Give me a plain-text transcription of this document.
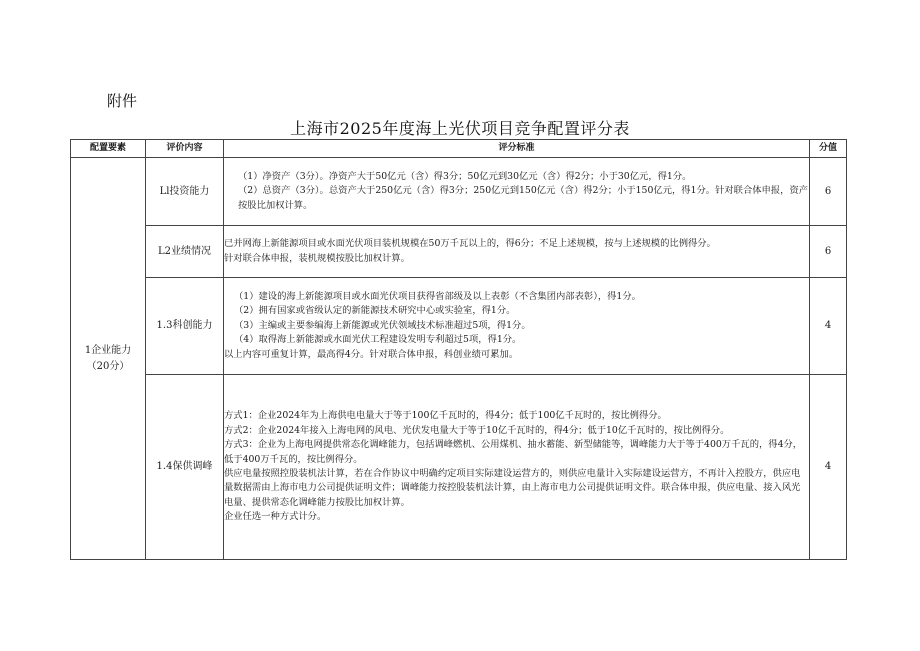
附件
上海市2025年度海上光伏项目竞争配置评分表
配置要素	评价内容	评分标准	分值

1企业能力
（20分）	Ll投资能力	（1）净资产（3分）。净资产大于50亿元（含）得3分；50亿元到30亿元（含）得2分；小于30亿元，得1分。
（2）总资产（3分）。总资产大于250亿元（含）得3分；250亿元到150亿元（含）得2分；小于150亿元，得1分。针对联合体申报，资产按股比加权计算。	6
	L2业绩情况	已并网海上新能源项目或水面光伏项目装机规模在50万千瓦以上的，得6分；不足上述规模，按与上述规模的比例得分。
针对联合体申报，装机规模按股比加权计算。	6
	1.3科创能力	（1）建设的海上新能源项目或水面光伏项目获得省部级及以上表彰（不含集团内部表彰），得1分。
（2）拥有国家或省级认定的新能源技术研究中心或实验室，得1分。
（3）主编或主要参编海上新能源或光伏领域技术标准超过5项，得1分。
（4）取得海上新能源或水面光伏工程建设发明专利超过5项，得1分。
以上内容可重复计算，最高得4分。针对联合体申报，科创业绩可累加。	4
	1.4保供调峰	方式1：企业2024年为上海供电电量大于等于100亿千瓦时的，得4分；低于100亿千瓦时的，按比例得分。
方式2：企业2024年接入上海电网的风电、光伏发电量大于等于10亿千瓦时的，得4分；低于10亿千瓦时的，按比例得分。
方式3：企业为上海电网提供常态化调峰能力，包括调峰燃机、公用煤机、抽水蓄能、新型储能等，调峰能力大于等于400万千瓦的，得4分，低于400万千瓦的，按比例得分。
供应电量按照控股装机法计算，若在合作协议中明确约定项目实际建设运营方的，则供应电量计入实际建设运营方，不再计入控股方，供应电量数据需由上海市电力公司提供证明文件；调峰能力按控股装机法计算，由上海市电力公司提供证明文件。联合体申报，供应电量、接入风光电量、提供常态化调峰能力按股比加权计算。
企业任选一种方式计分。	4
